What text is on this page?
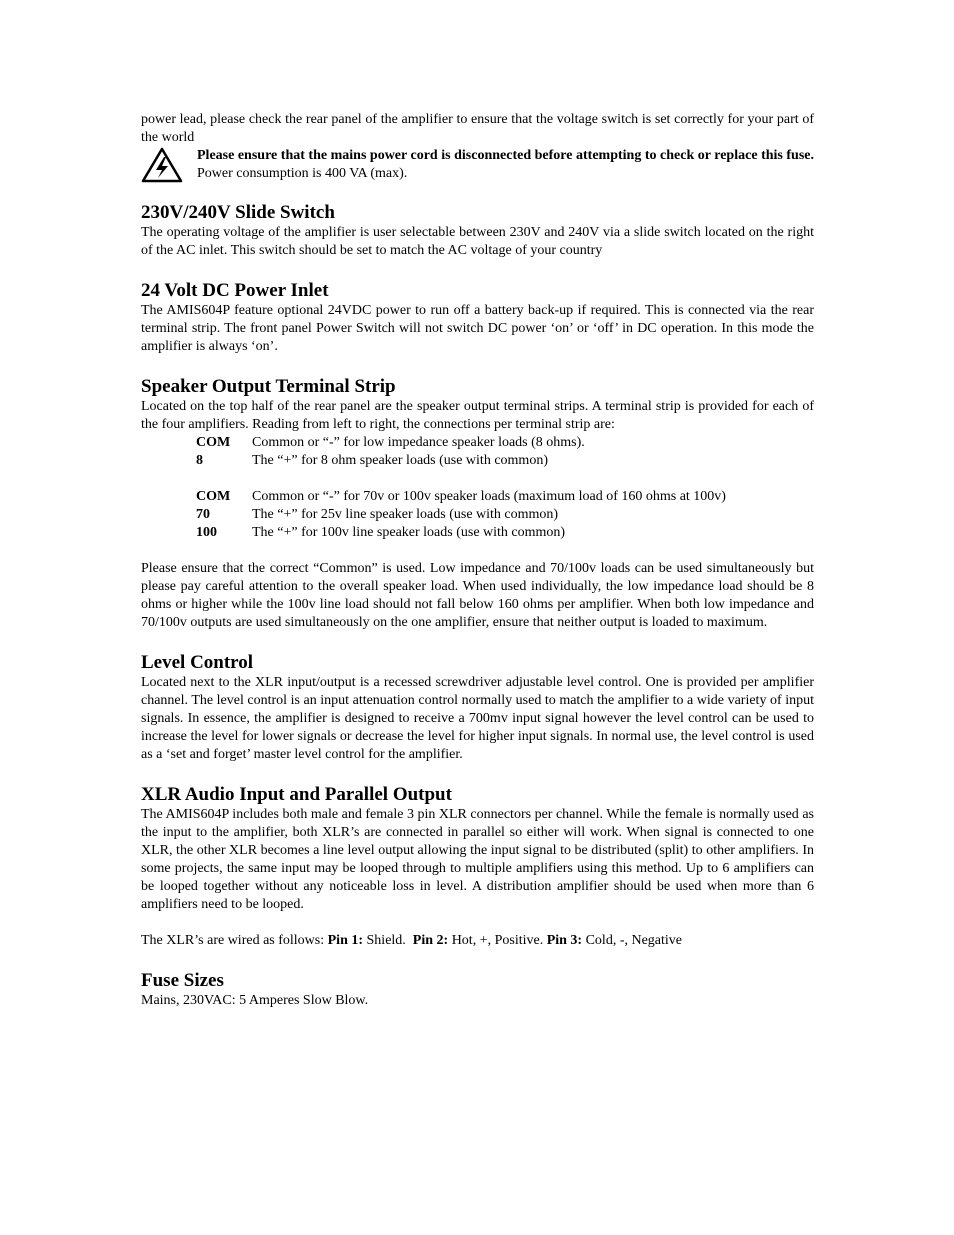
power lead, please check the rear panel of the amplifier to ensure that the voltage switch is set correctly for your part of the world

Please ensure that the mains power cord is disconnected before attempting to check or replace this fuse. Power consumption is 400 VA (max).
230V/240V Slide Switch

The operating voltage of the amplifier is user selectable between 230V and 240V via a slide switch located on the right of the AC inlet. This switch should be set to match the AC voltage of your country

24 Volt DC Power Inlet

The AMIS604P feature optional 24VDC power to run off a battery back-up if required. This is connected via the rear terminal strip. The front panel Power Switch will not switch DC power ‘on’ or ‘off’ in DC operation. In this mode the amplifier is always ‘on’.

Speaker Output Terminal Strip

Located on the top half of the rear panel are the speaker output terminal strips. A terminal strip is provided for each of the four amplifiers. Reading from left to right, the connections per terminal strip are:

COM	Common or “-” for low impedance speaker loads (8 ohms).
8	The “+” for 8 ohm speaker loads (use with common)
COM	Common or “-” for 70v or 100v speaker loads (maximum load of 160 ohms at 100v)
70	The “+” for 25v line speaker loads (use with common)
100	The “+” for 100v line speaker loads (use with common)

Please ensure that the correct “Common” is used. Low impedance and 70/100v loads can be used simultaneously but please pay careful attention to the overall speaker load. When used individually, the low impedance load should be 8 ohms or higher while the 100v line load should not fall below 160 ohms per amplifier. When both low impedance and 70/100v outputs are used simultaneously on the one amplifier, ensure that neither output is loaded to maximum.

Level Control

Located next to the XLR input/output is a recessed screwdriver adjustable level control. One is provided per amplifier channel. The level control is an input attenuation control normally used to match the amplifier to a wide variety of input signals. In essence, the amplifier is designed to receive a 700mv input signal however the level control can be used to increase the level for lower signals or decrease the level for higher input signals. In normal use, the level control is used as a ‘set and forget’ master level control for the amplifier.

XLR Audio Input and Parallel Output

The AMIS604P includes both male and female 3 pin XLR connectors per channel. While the female is normally used as the input to the amplifier, both XLR’s are connected in parallel so either will work. When signal is connected to one XLR, the other XLR becomes a line level output allowing the input signal to be distributed (split) to other amplifiers. In some projects, the same input may be looped through to multiple amplifiers using this method. Up to 6 amplifiers can be looped together without any noticeable loss in level. A distribution amplifier should be used when more than 6 amplifiers need to be looped.

The XLR’s are wired as follows: Pin 1: Shield.  Pin 2: Hot, +, Positive. Pin 3: Cold, -, Negative

Fuse Sizes

Mains, 230VAC: 5 Amperes Slow Blow.
